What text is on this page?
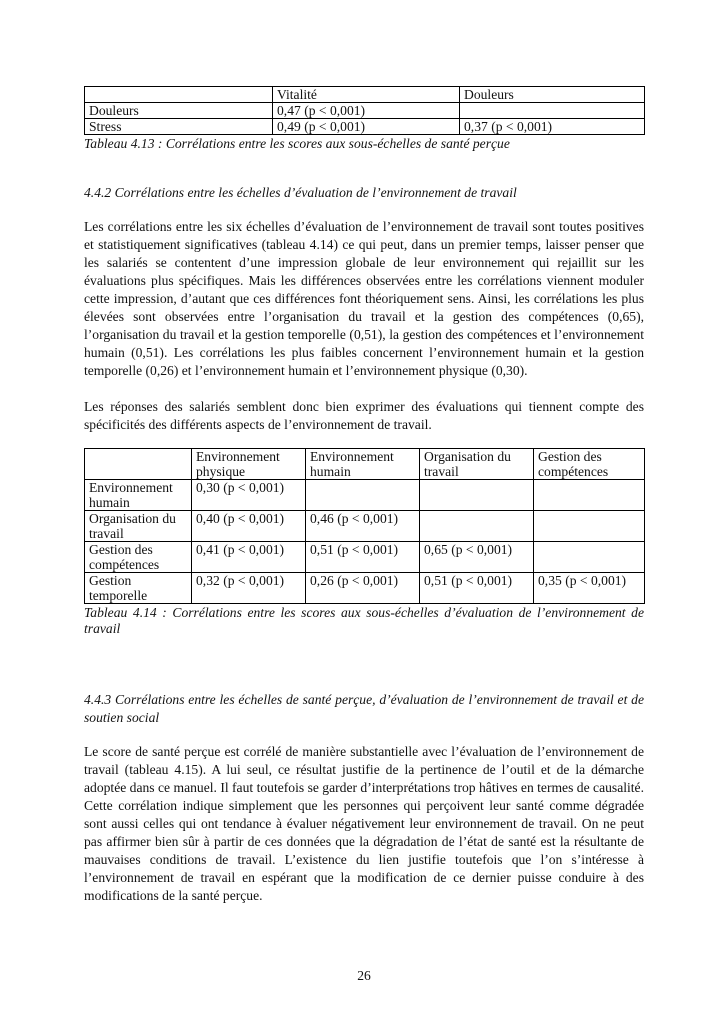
	Vitalité	Douleurs
Douleurs	0,47 (p < 0,001)	
Stress	0,49 (p < 0,001)	0,37 (p < 0,001)
Tableau 4.13 : Corrélations entre les scores aux sous-échelles de santé perçue
4.4.2 Corrélations entre les échelles d’évaluation de l’environnement de travail

Les corrélations entre les six échelles d’évaluation de l’environnement de travail sont toutes positives et statistiquement significatives (tableau 4.14) ce qui peut, dans un premier temps, laisser penser que les salariés se contentent d’une impression globale de leur environnement qui rejaillit sur les évaluations plus spécifiques. Mais les différences observées entre les corrélations viennent moduler cette impression, d’autant que ces différences font théoriquement sens. Ainsi, les corrélations les plus élevées sont observées entre l’organisation du travail et la gestion des compétences (0,65), l’organisation du travail et la gestion temporelle (0,51), la gestion des compétences et l’environnement humain (0,51). Les corrélations les plus faibles concernent l’environnement humain et la gestion temporelle (0,26) et l’environnement humain et l’environnement physique (0,30).

Les réponses des salariés semblent donc bien exprimer des évaluations qui tiennent compte des spécificités des différents aspects de l’environnement de travail.

	Environnement physique	Environnement humain	Organisation du travail	Gestion des compétences
Environnement humain	0,30 (p < 0,001)			
Organisation du travail	0,40 (p < 0,001)	0,46 (p < 0,001)		
Gestion des compétences	0,41 (p < 0,001)	0,51 (p < 0,001)	0,65 (p < 0,001)	
Gestion temporelle	0,32 (p < 0,001)	0,26 (p < 0,001)	0,51 (p < 0,001)	0,35 (p < 0,001)
Tableau 4.14 : Corrélations entre les scores aux sous-échelles d’évaluation de l’environnement de travail
4.4.3 Corrélations entre les échelles de santé perçue, d’évaluation de l’environnement de travail et de soutien social

Le score de santé perçue est corrélé de manière substantielle avec l’évaluation de l’environnement de travail (tableau 4.15). A lui seul, ce résultat justifie de la pertinence de l’outil et de la démarche adoptée dans ce manuel. Il faut toutefois se garder d’interprétations trop hâtives en termes de causalité. Cette corrélation indique simplement que les personnes qui perçoivent leur santé comme dégradée sont aussi celles qui ont tendance à évaluer négativement leur environnement de travail. On ne peut pas affirmer bien sûr à partir de ces données que la dégradation de l’état de santé est la résultante de mauvaises conditions de travail. L’existence du lien justifie toutefois que l’on s’intéresse à l’environnement de travail en espérant que la modification de ce dernier puisse conduire à des modifications de la santé perçue.

26
